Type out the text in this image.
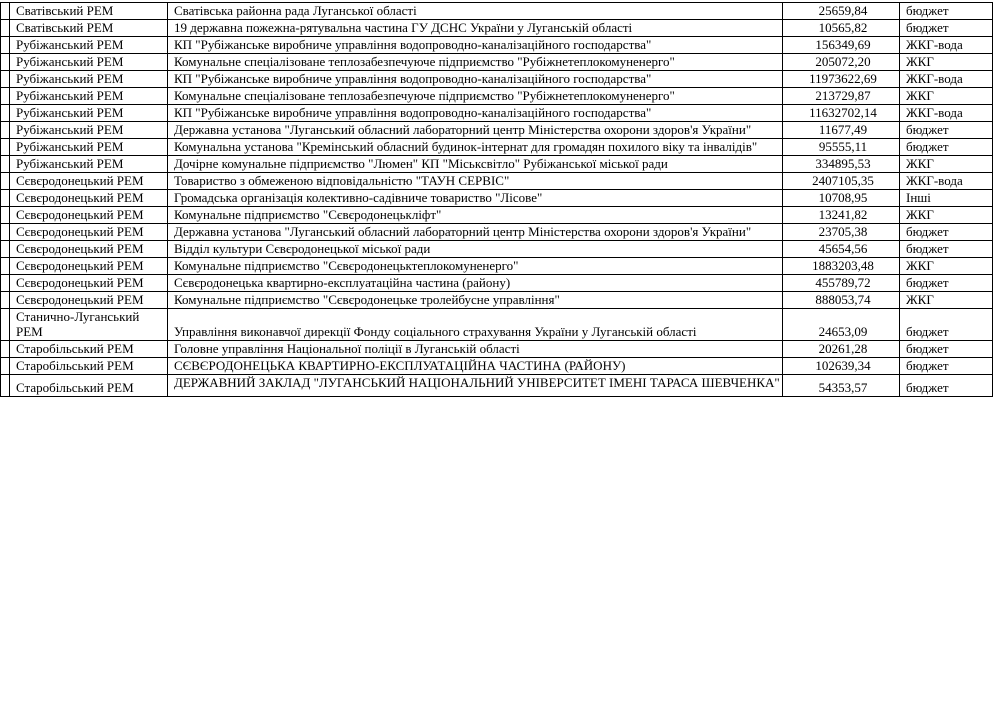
	Сватівський РЕМ	Сватівська районна рада Луганської області	25659,84	бюджет
	Сватівський РЕМ	19 державна пожежна-рятувальна частина ГУ ДСНС України у Луганській області	10565,82	бюджет
	Рубіжанський РЕМ	КП "Рубіжанське виробниче управління водопроводно-каналізаційного господарства"	156349,69	ЖКГ-вода
	Рубіжанський РЕМ	Комунальне спеціалізоване теплозабезпечуюче підприємство "Рубіжнетеплокомуненерго"	205072,20	ЖКГ
	Рубіжанський РЕМ	КП "Рубіжанське виробниче управління водопроводно-каналізаційного господарства"	11973622,69	ЖКГ-вода
	Рубіжанський РЕМ	Комунальне спеціалізоване теплозабезпечуюче підприємство "Рубіжнетеплокомуненерго"	213729,87	ЖКГ
	Рубіжанський РЕМ	КП "Рубіжанське виробниче управління водопроводно-каналізаційного господарства"	11632702,14	ЖКГ-вода
	Рубіжанський РЕМ	Державна установа "Луганський обласний лабораторний центр Міністерства охорони здоров'я України"	11677,49	бюджет
	Рубіжанський РЕМ	Комунальна установа "Кремінський обласний будинок-інтернат для громадян похилого віку та інвалідів"	95555,11	бюджет
	Рубіжанський РЕМ	Дочірне комунальне підприємство "Люмен" КП "Міськсвітло" Рубіжанської міської ради	334895,53	ЖКГ
	Сєвєродонецький РЕМ	Товариство з обмеженою відповідальністю "ТАУН СЕРВІС"	2407105,35	ЖКГ-вода
	Сєвєродонецький РЕМ	Громадська організація колективно-садівниче товариство "Лісове"	10708,95	Інші
	Сєвєродонецький РЕМ	Комунальне підприємство "Сєвєродонецькліфт"	13241,82	ЖКГ
	Сєвєродонецький РЕМ	Державна установа "Луганський обласний лабораторний центр Міністерства охорони здоров'я України"	23705,38	бюджет
	Сєвєродонецький РЕМ	Відділ культури Сєвєродонецької міської ради	45654,56	бюджет
	Сєвєродонецький РЕМ	Комунальне підприємство "Сєвєродонецьктеплокомуненерго"	1883203,48	ЖКГ
	Сєвєродонецький РЕМ	Сєвєродонецька квартирно-експлуатаційна частина (району)	455789,72	бюджет
	Сєвєродонецький РЕМ	Комунальне підприємство "Сєвєродонецьке тролейбусне управління"	888053,74	ЖКГ
	Станично-Луганський РЕМ	Управління виконавчої дирекції Фонду соціального страхування України у Луганській області	24653,09	бюджет
	Старобільський РЕМ	Головне управління Національної поліції в Луганській області	20261,28	бюджет
	Старобільський РЕМ	СЄВЄРОДОНЕЦЬКА КВАРТИРНО-ЕКСПЛУАТАЦІЙНА ЧАСТИНА (РАЙОНУ)	102639,34	бюджет
	Старобільський РЕМ	ДЕРЖАВНИЙ ЗАКЛАД "ЛУГАНСЬКИЙ НАЦІОНАЛЬНИЙ УНІВЕРСИТЕТ ІМЕНІ ТАРАСА ШЕВЧЕНКА"	54353,57	бюджет
